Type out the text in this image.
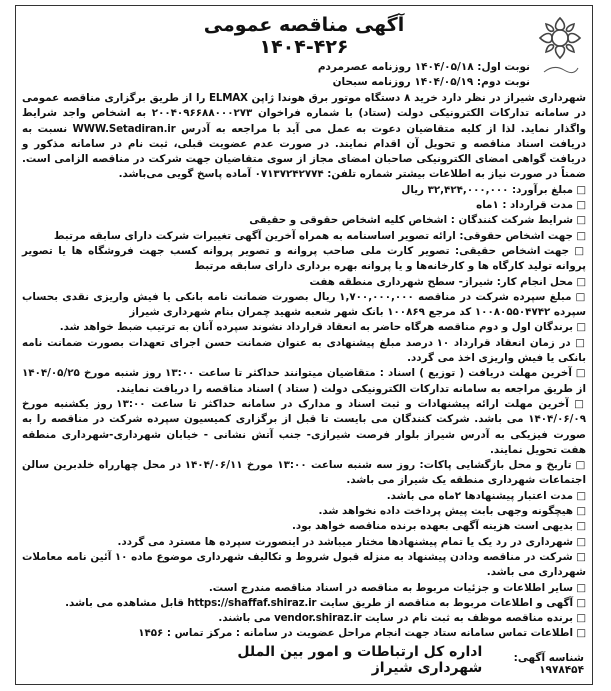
آگهی مناقصه عمومی
۱۴۰۴-۴۲۶
نوبت اول: ۱۴۰۴/۰۵/۱۸ روزنامه عصرمردم
نوبت دوم: ۱۴۰۴/۰۵/۱۹ روزنامه سبحان

شهرداری شیراز در نظر دارد خرید ۸ دستگاه موتور برق هوندا ژاپن ELMAX را از طریق برگزاری مناقصه عمومی در سامانه تدارکات الکترونیکی دولت (ستاد) با شماره فراخوان ۲۰۰۴۰۹۶۶۸۸۰۰۰۲۷۳ به اشخاص واجد شرایط واگذار نماید. لذا از کلیه متقاضیان دعوت به عمل می آید با مراجعه به آدرس WWW.Setadiran.ir نسبت به دریافت اسناد مناقصه و تحویل آن اقدام نمایند. در صورت عدم عضویت قبلی، ثبت نام در سامانه مذکور و دریافت گواهی امضای الکترونیکی صاحبان امضای مجاز از سوی متقاضیان جهت شرکت در مناقصه الزامی است. ضمناً در صورت نیاز به اطلاعات بیشتر شماره تلفن: ۰۷۱۳۷۲۴۲۷۷۴ آماده پاسخ گویی می‌باشد.

□ مبلغ برآورد: ۳۲,۴۲۴,۰۰۰,۰۰۰ ریال

□ مدت قرارداد : ۱ماه

□ شرایط شرکت کنندگان : اشخاص کلیه اشخاص حقوقی و حقیقی

□ جهت اشخاص حقوقی: ارائه تصویر اساسنامه به همراه آخرین آگهی تغییرات شرکت دارای سابقه مرتبط

□ جهت اشخاص حقیقی: تصویر کارت ملی صاحب پروانه و تصویر پروانه کسب جهت فروشگاه ها یا تصویر پروانه تولید کارگاه ها و کارخانه‌ها و یا پروانه بهره برداری دارای سابقه مرتبط

□ محل انجام کار: شیراز- سطح شهرداری منطقه هفت

□ مبلغ سپرده شرکت در مناقصه ۱,۷۰۰,۰۰۰,۰۰۰ ریال بصورت ضمانت نامه بانکی یا فیش واریزی نقدی بحساب سپرده ۱۰۰۸۰۵۵۰۴۷۴۲ کد مرجع ۱۰۰۸۶۹ بانک شهر شعبه شهید چمران بنام شهرداری شیراز

□ برندگان اول و دوم مناقصه هرگاه حاضر به انعقاد قرارداد نشوند سپرده آنان به ترتیب ضبط خواهد شد.

□ در زمان انعقاد قرارداد ۱۰ درصد مبلغ پیشنهادی به عنوان ضمانت حسن اجرای تعهدات بصورت ضمانت نامه بانکی یا فیش واریزی اخذ می گردد.

□ آخرین مهلت دریافت ( توزیع ) اسناد : متقاضیان میتوانند حداکثر تا ساعت ۱۳:۰۰ روز شنبه مورخ ۱۴۰۴/۰۵/۲۵ از طریق مراجعه به سامانه تدارکات الکترونیکی دولت ( ستاد ) اسناد مناقصه را دریافت نمایند.

□ آخرین مهلت ارائه پیشنهادات و ثبت اسناد و مدارک در سامانه حداکثر تا ساعت ۱۳:۰۰ روز یکشنبه مورخ ۱۴۰۴/۰۶/۰۹ می باشد. شرکت کنندگان می بایست تا قبل از برگزاری کمیسیون سپرده شرکت در مناقصه را به صورت فیزیکی به آدرس شیراز بلوار فرصت شیرازی- جنب آتش نشانی - خیابان شهرداری-شهرداری منطقه هفت تحویل نمایند.

□ تاریخ و محل بازگشایی پاکات: روز سه شنبه ساعت ۱۳:۰۰ مورخ ۱۴۰۴/۰۶/۱۱ در محل چهارراه خلدبرین سالن اجتماعات شهرداری منطقه یک شیراز می باشد.

□ مدت اعتبار پیشنهادها ۲ماه می باشد.

□ هیچگونه وجهی بابت پیش پرداخت داده نخواهد شد.

□ بدیهی است هزینه آگهی بعهده برنده مناقصه خواهد بود.

□ شهرداری در رد یک یا تمام پیشنهادها مختار میباشد در اینصورت سپرده ها مسترد می گردد.

□ شرکت در مناقصه ودادن پیشنهاد به منزله قبول شروط و تکالیف شهرداری موضوع ماده ۱۰ آئین نامه معاملات شهرداری می باشد.

□ سایر اطلاعات و جزئیات مربوط به مناقصه در اسناد مناقصه مندرج است.

□ آگهی و اطلاعات مربوط به مناقصه از طریق سایت https://shaffaf.shiraz.ir قابل مشاهده می باشد.

□ برنده مناقصه موظف به ثبت نام در سایت vendor.shiraz.ir می باشند.

□ اطلاعات تماس سامانه ستاد جهت انجام مراحل عضویت در سامانه : مرکز تماس : ۱۴۵۶

شناسه آگهی: ۱۹۷۸۴۵۴
اداره کل ارتباطات و امور بین الملل شهرداری شیراز
